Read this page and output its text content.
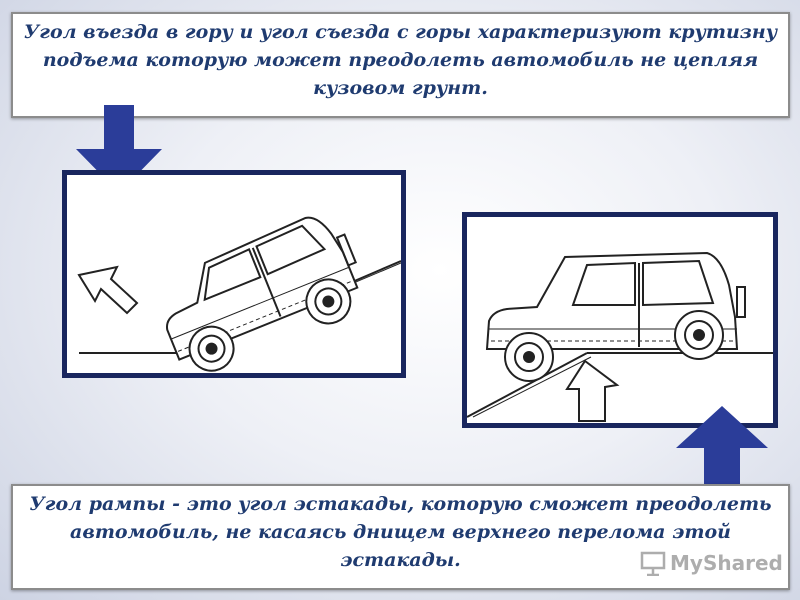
Угол въезда в гору и угол съезда с горы характеризуют крутизну подъема которую может преодолеть автомобиль не цепляя кузовом грунт.
Угол рампы - это угол эстакады, которую сможет преодолеть автомобиль, не касаясь днищем верхнего перелома этой эстакады.	MyShared
